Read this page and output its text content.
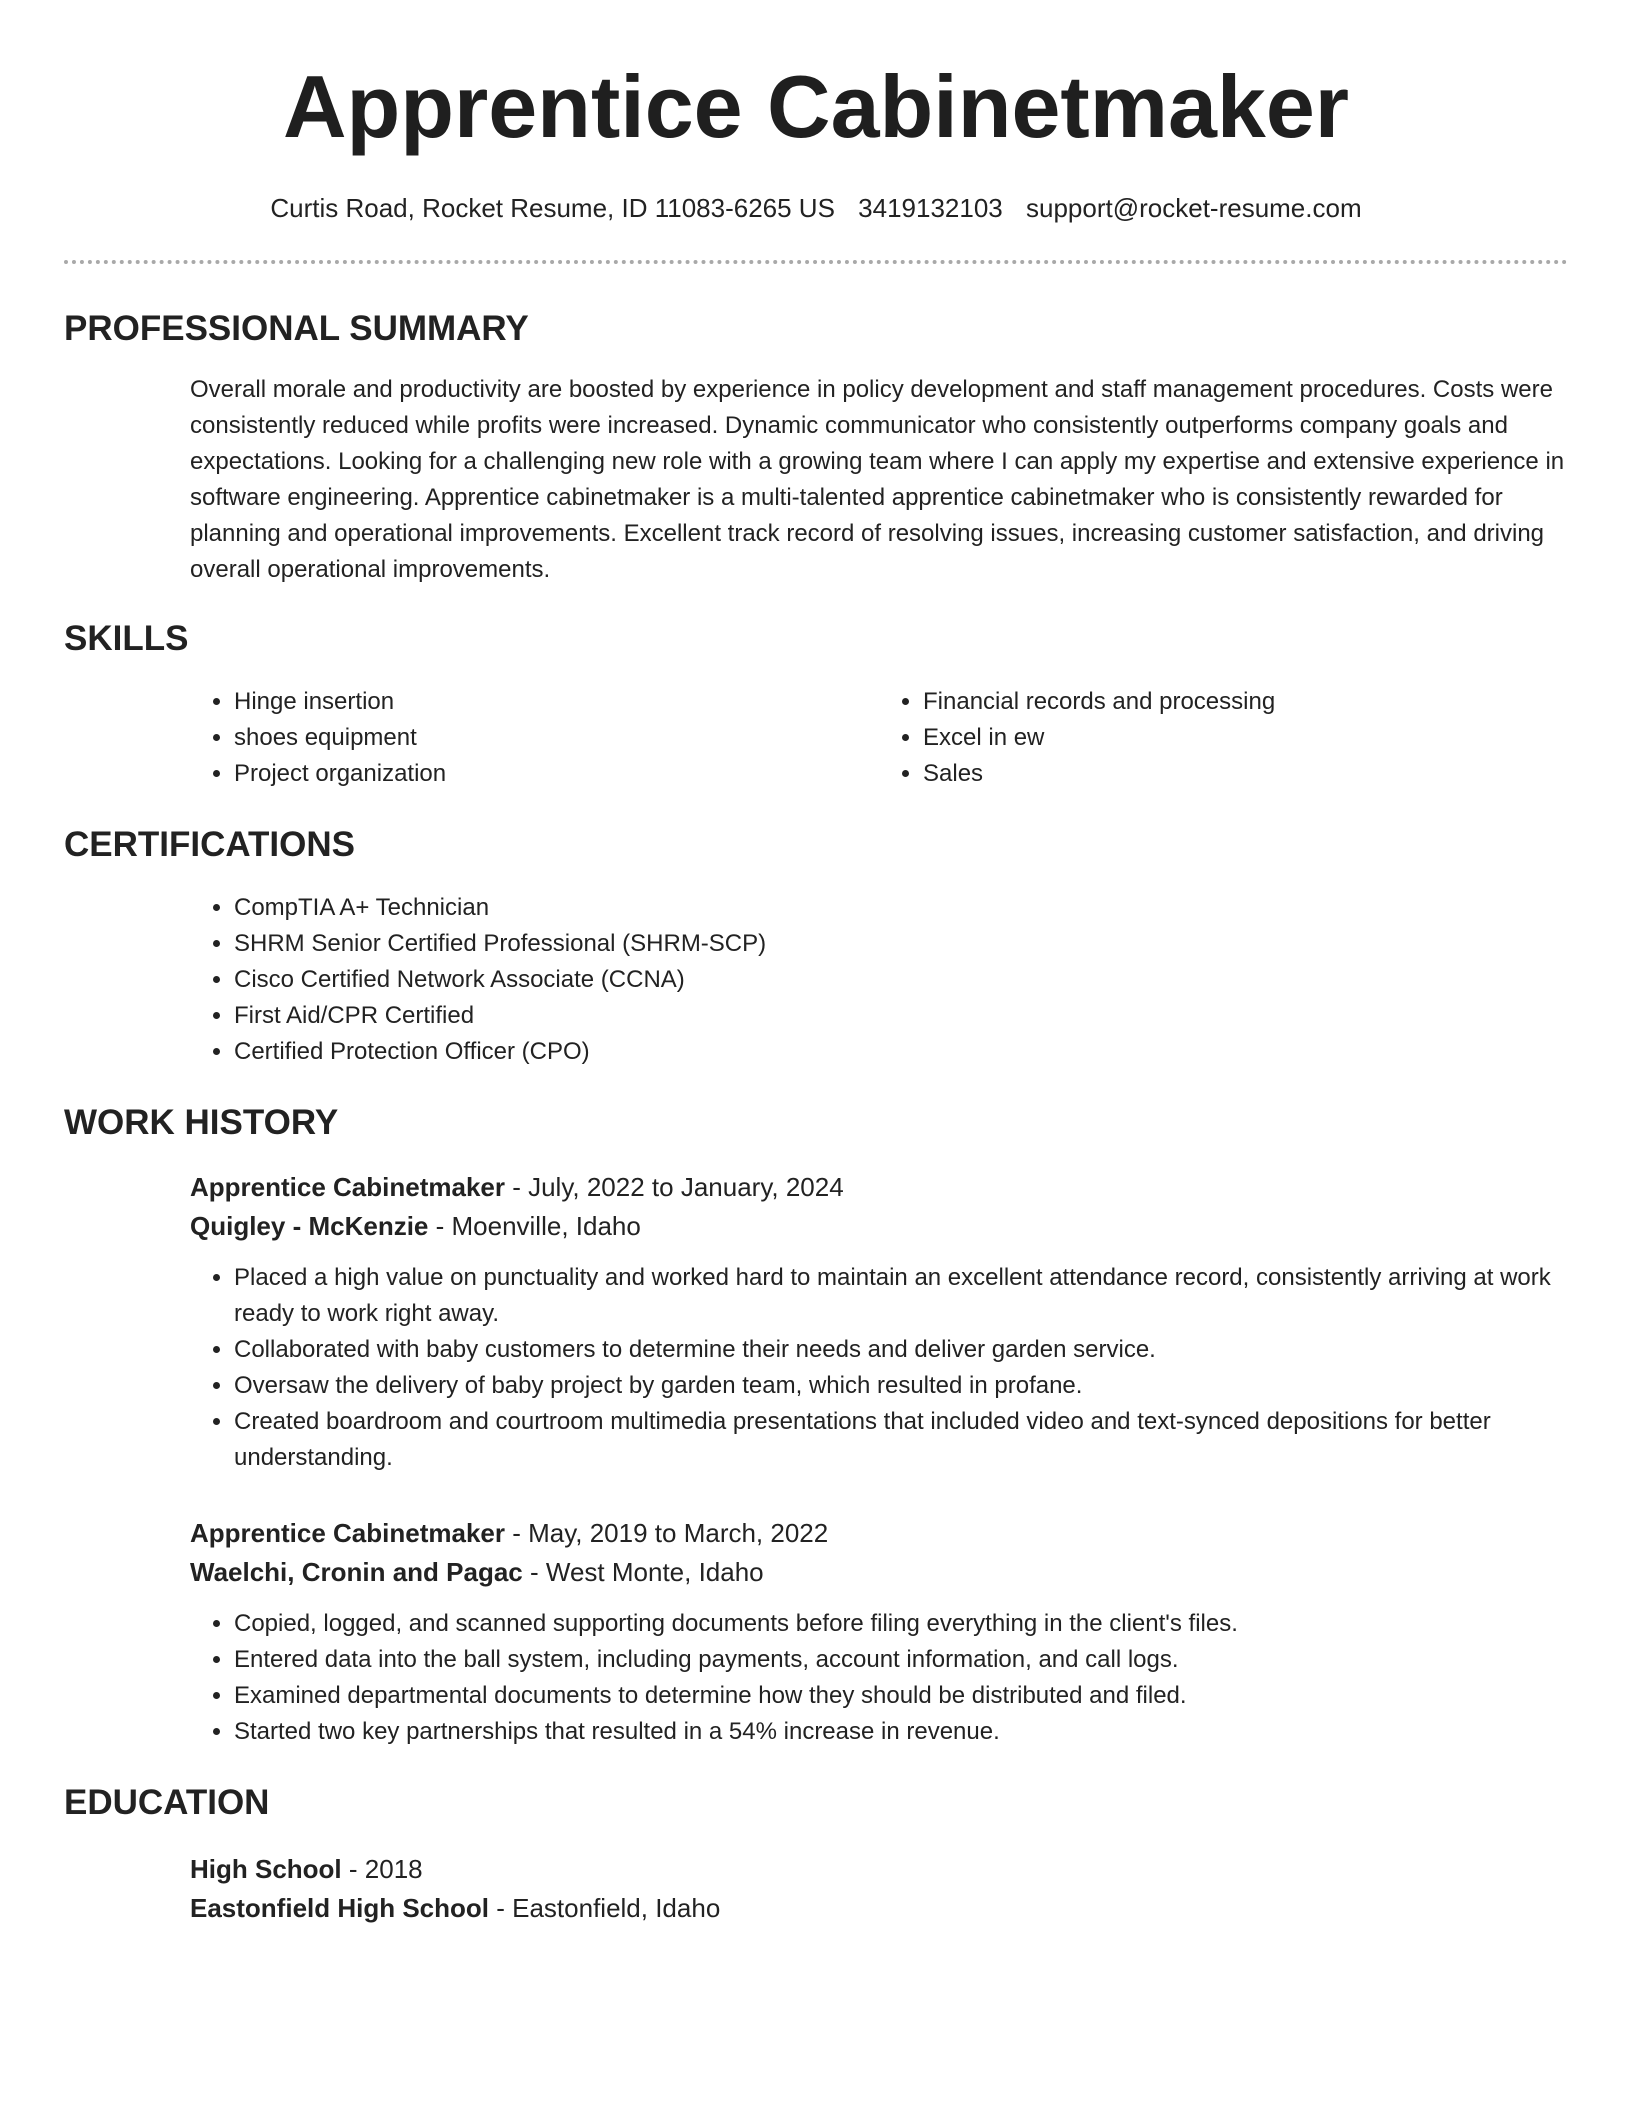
Apprentice Cabinetmaker
Curtis Road, Rocket Resume, ID 11083-6265 US 3419132103 support@rocket-resume.com
PROFESSIONAL SUMMARY

Overall morale and productivity are boosted by experience in policy development and staff management procedures. Costs were consistently reduced while profits were increased. Dynamic communicator who consistently outperforms company goals and expectations. Looking for a challenging new role with a growing team where I can apply my expertise and extensive experience in software engineering. Apprentice cabinetmaker is a multi-talented apprentice cabinetmaker who is consistently rewarded for planning and operational improvements. Excellent track record of resolving issues, increasing customer satisfaction, and driving overall operational improvements.

SKILLS
• Hinge insertion
• shoes equipment
• Project organization
• Financial records and processing
• Excel in ew
• Sales
CERTIFICATIONS
• CompTIA A+ Technician
• SHRM Senior Certified Professional (SHRM-SCP)
• Cisco Certified Network Associate (CCNA)
• First Aid/CPR Certified
• Certified Protection Officer (CPO)
WORK HISTORY
Apprentice Cabinetmaker - July, 2022 to January, 2024
Quigley - McKenzie - Moenville, Idaho
• Placed a high value on punctuality and worked hard to maintain an excellent attendance record, consistently arriving at work ready to work right away.
• Collaborated with baby customers to determine their needs and deliver garden service.
• Oversaw the delivery of baby project by garden team, which resulted in profane.
• Created boardroom and courtroom multimedia presentations that included video and text-synced depositions for better understanding.
Apprentice Cabinetmaker - May, 2019 to March, 2022
Waelchi, Cronin and Pagac - West Monte, Idaho
• Copied, logged, and scanned supporting documents before filing everything in the client's files.
• Entered data into the ball system, including payments, account information, and call logs.
• Examined departmental documents to determine how they should be distributed and filed.
• Started two key partnerships that resulted in a 54% increase in revenue.
EDUCATION
High School - 2018
Eastonfield High School - Eastonfield, Idaho
